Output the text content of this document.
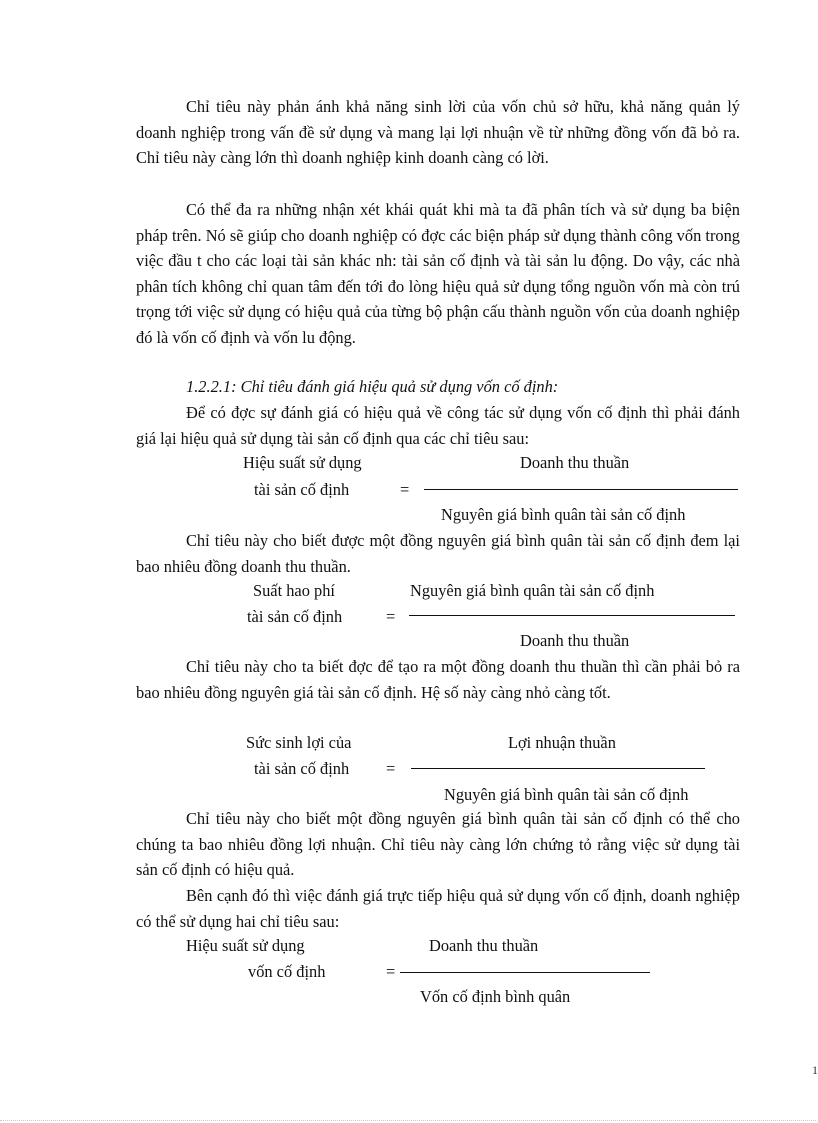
Chỉ tiêu này phản ánh khả năng sinh lời của vốn chủ sở hữu, khả năng quản lý doanh nghiệp trong vấn đề sử dụng và mang lại lợi nhuận về từ những đồng vốn đã bỏ ra. Chỉ tiêu này càng lớn thì doanh nghiệp kinh doanh càng có lời.

Có thể đa ra những nhận xét khái quát khi mà ta đã phân tích và sử dụng ba biện pháp trên. Nó sẽ giúp cho doanh nghiệp có đợc các biện pháp sử dụng thành công vốn trong việc đầu t cho các loại tài sản khác nh: tài sản cố định và tài sản lu động. Do vậy, các nhà phân tích không chỉ quan tâm đến tới đo lòng hiệu quả sử dụng tổng nguồn vốn mà còn trú trọng tới việc sử dụng có hiệu quả của từng bộ phận cấu thành nguồn vốn của doanh nghiệp đó là vốn cố định và vốn lu động.

1.2.2.1: Chỉ tiêu đánh giá hiệu quả sử dụng vốn cố định:

Để có đợc sự đánh giá có hiệu quả về công tác sử dụng vốn cố định thì phải đánh giá lại hiệu quả sử dụng tài sản cố định qua các chỉ tiêu sau:

Hiệu suất sử dụng
tài sản cố định	=
Doanh thu thuần
Nguyên giá bình quân tài sản cố định

Chỉ tiêu này cho biết được một đồng nguyên giá bình quân tài sản cố định đem lại bao nhiêu đồng doanh thu thuần.

Suất hao phí
tài sản cố định	=
Nguyên giá bình quân tài sản cố định
Doanh thu thuần

Chỉ tiêu này cho ta biết đợc để tạo ra một đồng doanh thu thuần thì cần phải bỏ ra bao nhiêu đồng nguyên giá tài sản cố định. Hệ số này càng nhỏ càng tốt.

Sức sinh lợi của
tài sản cố định =
Lợi nhuận thuần
Nguyên giá bình quân tài sản cố định

Chỉ tiêu này cho biết một đồng nguyên giá bình quân tài sản cố định có thể cho chúng ta bao nhiêu đồng lợi nhuận. Chỉ tiêu này càng lớn chứng tỏ rằng việc sử dụng tài sản cố định có hiệu quả.

Bên cạnh đó thì việc đánh giá trực tiếp hiệu quả sử dụng vốn cố định, doanh nghiệp có thể sử dụng hai chỉ tiêu sau:

Hiệu suất sử dụng
vốn cố định	=
Doanh thu thuần
Vốn cố định bình quân
1
